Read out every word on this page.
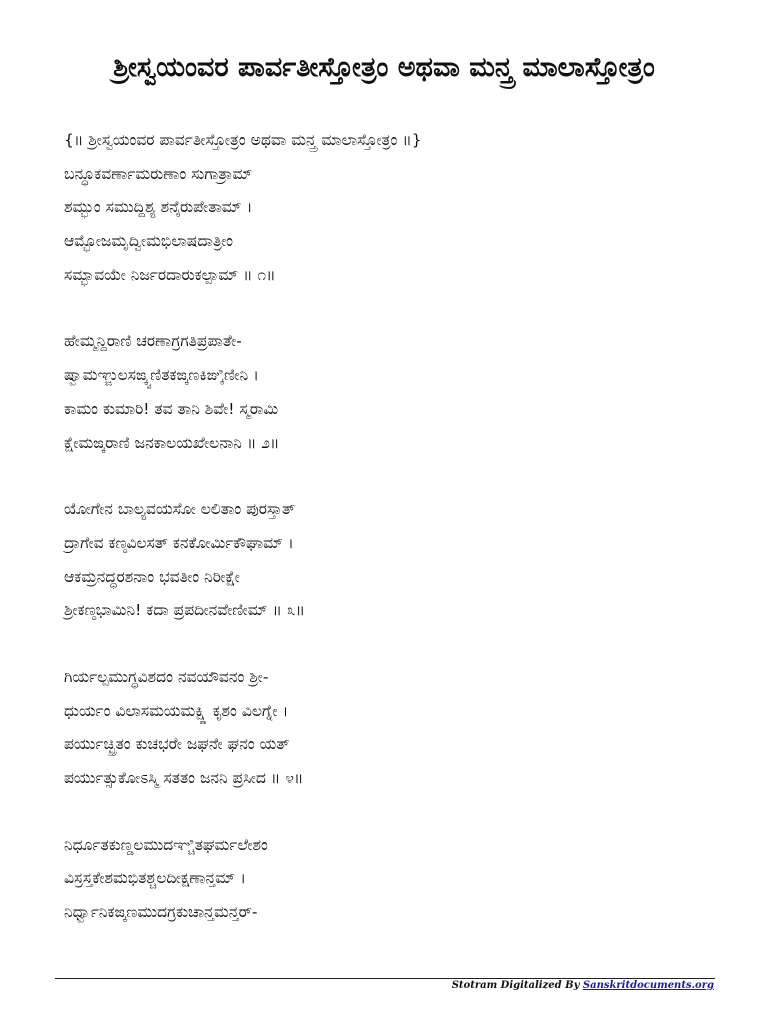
ಶ್ರೀಸ್ವಯಂವರ ಪಾರ್ವತೀಸ್ತೋತ್ರಂ ಅಥವಾ ಮನ್ತ್ರ ಮಾಲಾಸ್ತೋತ್ರಂ
{॥ ಶ್ರೀಸ್ವಯಂವರ ಪಾರ್ವತೀಸ್ತೋತ್ರಂ ಅಥವಾ ಮನ್ತ್ರ ಮಾಲಾಸ್ತೋತ್ರಂ ॥}
ಬನ್ಧೂಕವರ್ಣಾಮರುಣಾಂ ಸುಗಾತ್ರಾಮ್
ಶಮ್ಭುಂ ಸಮುದ್ದಿಶ್ಯ ಶನೈರುಪೇತಾಮ್ ।
ಆಮ್ಭೋಜಮೃದ್ವೀಮಭಿಲಾಷದಾತ್ರೀಂ
ಸಮ್ಭಾವಯೇ ನಿರ್ಜರದಾರುಕಲ್ಪಾಮ್ ॥ ೧॥
ಹೇಮ್ಮನ್ದಿರಾಣಿ ಚರಣಾಗ್ರಗತಿಪ್ರಪಾತೇ-
ಷ್ವಾಮಞ್ಜುಲಸಙ್ಕ್ವಣಿತಕಙ್ಕಣಕಿಙ್ಕಿಣೀನಿ ।
ಕಾಮಂ ಕುಮಾರಿ! ತವ ತಾನಿ ಶಿವೇ! ಸ್ಮರಾಮಿ
ಕ್ಷೇಮಙ್ಕರಾಣಿ ಜನಕಾಲಯಖೇಲನಾನಿ ॥ ೨॥
ಯೋಗೇನ ಬಾಲ್ಯವಯಸೋ ಲಲಿತಾಂ ಪುರಸ್ತಾತ್
ದ್ರಾಗೇವ ಕಣ್ಠವಿಲಸತ್ ಕನಕೋರ್ಮಿಕೌಘಾಮ್ ।
ಆಕಮ್ರನದ್ಧರಶನಾಂ ಭವತೀಂ ನಿರೀಕ್ಷೇ
ಶ್ರೀಕಣ್ಠಭಾಮಿನಿ! ಕದಾ ಪ್ರಪದೀನವೇಣೀಮ್ ॥ ೩॥
ಗಿರ್ಯಲ್ಪಮುಗ್ಧವಿಶದಂ ನವಯೌವನಂ ಶ್ರೀ-
ಧುರ್ಯಂ ವಿಲಾಸಮಯಮಕ್ಷ್ಣಿ ಕೃಶಂ ವಿಲಗ್ನೇ ।
ಪರ್ಯುಚ್ಛ್ರಿತಂ ಕುಚಭರೇ ಜಘನೇ ಘನಂ ಯತ್
ಪರ್ಯುತ್ಸುಕೋಽಸ್ಮಿ ಸತತಂ ಜನನಿ ಪ್ರಸೀದ ॥ ೪॥
ನಿರ್ಧೂತಕುಣ್ಡಲಮುದಞ್ಚಿತಘರ್ಮಲೇಶಂ
ವಿಸ್ರಸ್ತಕೇಶಮಭಿತಶ್ಚಲದೀಕ್ಷಣಾನ್ತಮ್ ।
ನಿರ್ಧ್ವಾನಿಕಙ್ಕಣಮುದಗ್ರಕುಚಾನ್ತಮನ್ತರ್-
Stotram Digitalized By Sanskritdocuments.org
